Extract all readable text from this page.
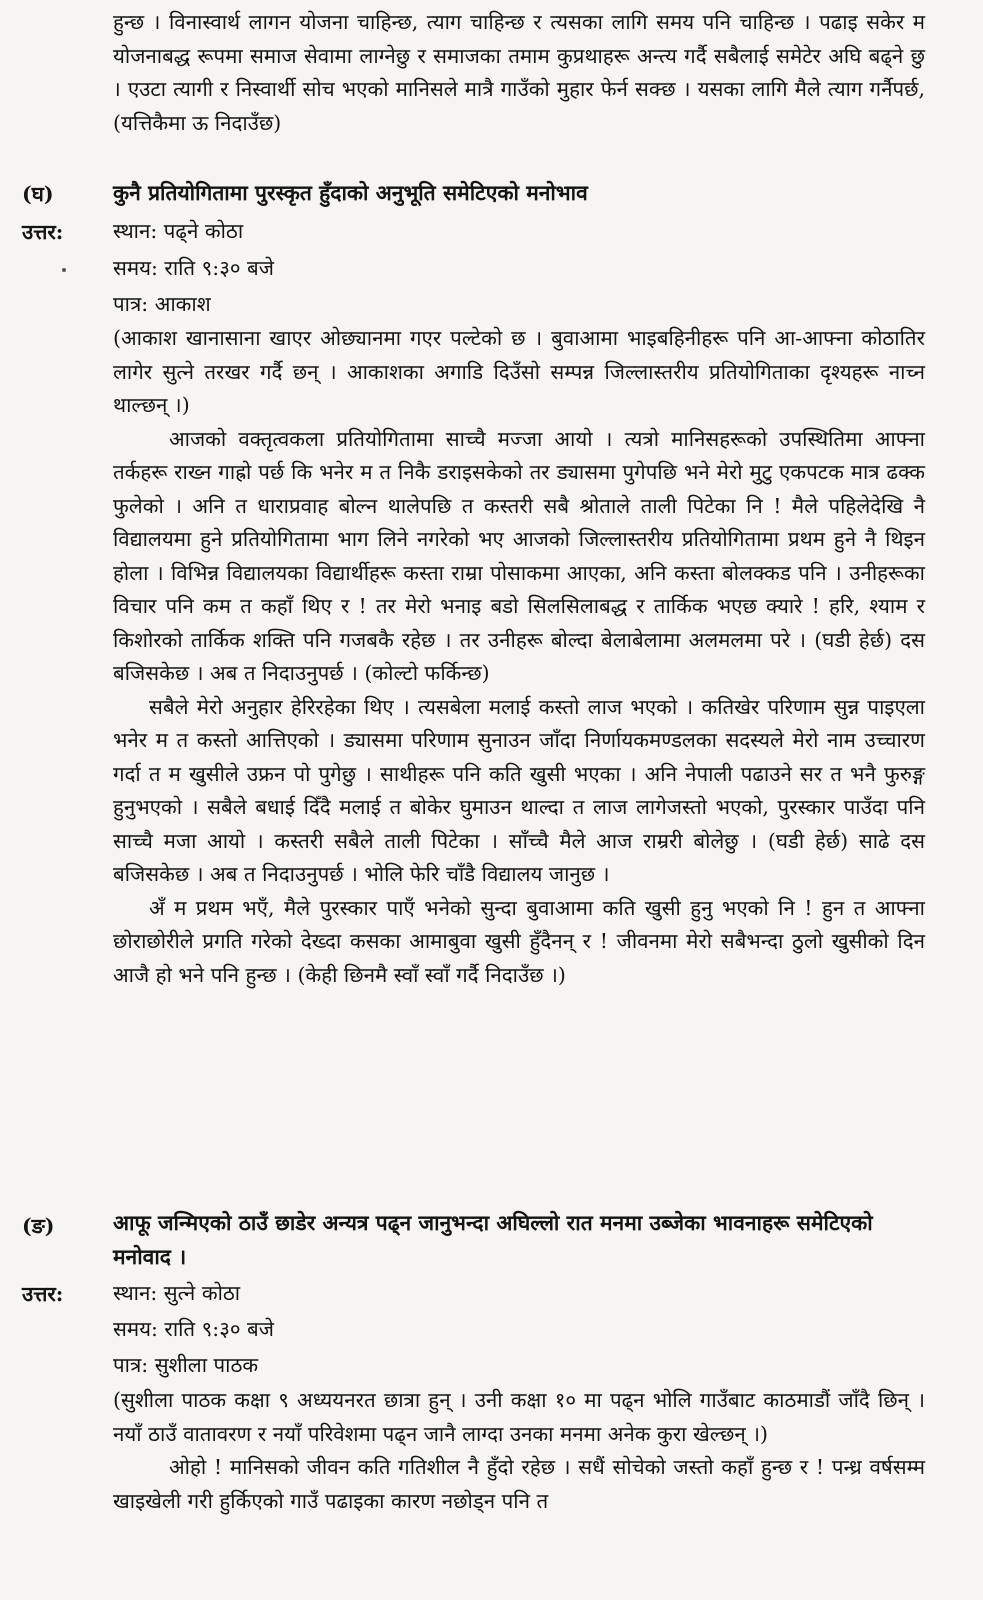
हुन्छ । विनास्वार्थ लागन योजना चाहिन्छ, त्याग चाहिन्छ र त्यसका लागि समय पनि चाहिन्छ । पढाइ सकेर म योजनाबद्ध रूपमा समाज सेवामा लाग्नेछु र समाजका तमाम कुप्रथाहरू अन्त्य गर्दै सबैलाई समेटेर अघि बढ्ने छु । एउटा त्यागी र निस्वार्थी सोच भएको मानिसले मात्रै गाउँको मुहार फेर्न सक्छ । यसका लागि मैले त्याग गर्नैपर्छ, (यत्तिकैमा ऊ निदाउँछ)

(घ)	कुनै प्रतियोगितामा पुरस्कृत हुँदाको अनुभूति समेटिएको मनोभाव
उत्तर: स्थान: पढ्ने कोठा
समय: राति ९:३० बजे
पात्र: आकाश

(आकाश खानासाना खाएर ओछ्यानमा गएर पल्टेको छ । बुवाआमा भाइबहिनीहरू पनि आ-आफ्ना कोठातिर लागेर सुत्ने तरखर गर्दै छन् । आकाशका अगाडि दिउँसो सम्पन्न जिल्लास्तरीय प्रतियोगिताका दृश्यहरू नाच्न थाल्छन् ।)

आजको वक्तृत्वकला प्रतियोगितामा साच्चै मज्जा आयो । त्यत्रो मानिसहरूको उपस्थितिमा आफ्ना तर्कहरू राख्न गाह्रो पर्छ कि भनेर म त निकै डराइसकेको तर ड्यासमा पुगेपछि भने मेरो मुटु एकपटक मात्र ढक्क फुलेको । अनि त धाराप्रवाह बोल्न थालेपछि त कस्तरी सबै श्रोताले ताली पिटेका नि ! मैले पहिलेदेखि नै विद्यालयमा हुने प्रतियोगितामा भाग लिने नगरेको भए आजको जिल्लास्तरीय प्रतियोगितामा प्रथम हुने नै थिइन होला । विभिन्न विद्यालयका विद्यार्थीहरू कस्ता राम्रा पोसाकमा आएका, अनि कस्ता बोलक्कड पनि । उनीहरूका विचार पनि कम त कहाँ थिए र ! तर मेरो भनाइ बडो सिलसिलाबद्ध र तार्किक भएछ क्यारे ! हरि, श्याम र किशोरको तार्किक शक्ति पनि गजबकै रहेछ । तर उनीहरू बोल्दा बेलाबेलामा अलमलमा परे । (घडी हेर्छ) दस बजिसकेछ । अब त निदाउनुपर्छ । (कोल्टो फर्किन्छ)

सबैले मेरो अनुहार हेरिरहेका थिए । त्यसबेला मलाई कस्तो लाज भएको । कतिखेर परिणाम सुन्न पाइएला भनेर म त कस्तो आत्तिएको । ड्यासमा परिणाम सुनाउन जाँदा निर्णायकमण्डलका सदस्यले मेरो नाम उच्चारण गर्दा त म खुसीले उफ्रन पो पुगेछु । साथीहरू पनि कति खुसी भएका । अनि नेपाली पढाउने सर त भनै फुरुङ्ग हुनुभएको । सबैले बधाई दिँदै मलाई त बोकेर घुमाउन थाल्दा त लाज लागेजस्तो भएको, पुरस्कार पाउँदा पनि साच्चै मजा आयो । कस्तरी सबैले ताली पिटेका । साँच्चै मैले आज राम्ररी बोलेछु । (घडी हेर्छ) साढे दस बजिसकेछ । अब त निदाउनुपर्छ । भोलि फेरि चाँडै विद्यालय जानुछ ।

अँ म प्रथम भएँ, मैले पुरस्कार पाएँ भनेको सुन्दा बुवाआमा कति खुसी हुनु भएको नि ! हुन त आफ्ना छोराछोरीले प्रगति गरेको देख्दा कसका आमाबुवा खुसी हुँदैनन् र ! जीवनमा मेरो सबैभन्दा ठुलो खुसीको दिन आजै हो भने पनि हुन्छ । (केही छिनमै स्वाँ स्वाँ गर्दै निदाउँछ ।)

(ङ)	आफू जन्मिएको ठाउँ छाडेर अन्यत्र पढ्न जानुभन्दा अघिल्लो रात मनमा उब्जेका भावनाहरू समेटिएको मनोवाद ।
उत्तर: स्थान: सुत्ने कोठा
समय: राति ९:३० बजे
पात्र: सुशीला पाठक

(सुशीला पाठक कक्षा ९ अध्ययनरत छात्रा हुन् । उनी कक्षा १० मा पढ्न भोलि गाउँबाट काठमाडौं जाँदै छिन् । नयाँ ठाउँ वातावरण र नयाँ परिवेशमा पढ्न जानै लाग्दा उनका मनमा अनेक कुरा खेल्छन् ।)

ओहो ! मानिसको जीवन कति गतिशील नै हुँदो रहेछ । सधैं सोचेको जस्तो कहाँ हुन्छ र ! पन्ध्र वर्षसम्म खाइखेली गरी हुर्किएको गाउँ पढाइका कारण नछोड्न पनि त
